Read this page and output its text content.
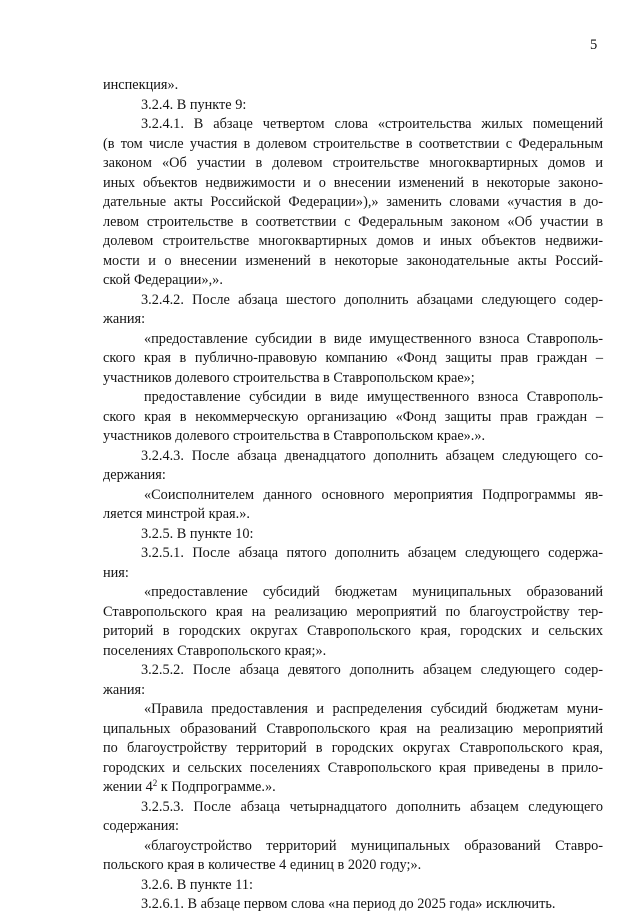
5
инспекция».
3.2.4. В пункте 9:
3.2.4.1. В абзаце четвертом слова «строительства жилых помещений
(в том числе участия в долевом строительстве в соответствии с Федеральным
законом «Об участии в долевом строительстве многоквартирных домов и
иных объектов недвижимости и о внесении изменений в некоторые законо-
дательные акты Российской Федерации»),» заменить словами «участия в до-
левом строительстве в соответствии с Федеральным законом «Об участии в
долевом строительстве многоквартирных домов и иных объектов недвижи-
мости и о внесении изменений в некоторые законодательные акты Россий-
ской Федерации»,».
3.2.4.2. После абзаца шестого дополнить абзацами следующего содер-
жания:
«предоставление субсидии в виде имущественного взноса Ставрополь-
ского края в публично-правовую компанию «Фонд защиты прав граждан –
участников долевого строительства в Ставропольском крае»;
предоставление субсидии в виде имущественного взноса Ставрополь-
ского края в некоммерческую организацию «Фонд защиты прав граждан –
участников долевого строительства в Ставропольском крае».».
3.2.4.3. После абзаца двенадцатого дополнить абзацем следующего со-
держания:
«Соисполнителем данного основного мероприятия Подпрограммы яв-
ляется минстрой края.».
3.2.5. В пункте 10:
3.2.5.1. После абзаца пятого дополнить абзацем следующего содержа-
ния:
«предоставление субсидий бюджетам муниципальных образований
Ставропольского края на реализацию мероприятий по благоустройству тер-
риторий в городских округах Ставропольского края, городских и сельских
поселениях Ставропольского края;».
3.2.5.2. После абзаца девятого дополнить абзацем следующего содер-
жания:
«Правила предоставления и распределения субсидий бюджетам муни-
ципальных образований Ставропольского края на реализацию мероприятий
по благоустройству территорий в городских округах Ставропольского края,
городских и сельских поселениях Ставропольского края приведены в прило-
жении $4^2$ к Подпрограмме.».
3.2.5.3. После абзаца четырнадцатого дополнить абзацем следующего
содержания:
«благоустройство территорий муниципальных образований Ставро-
польского края в количестве 4 единиц в 2020 году;».
3.2.6. В пункте 11:
3.2.6.1. В абзаце первом слова «на период до 2025 года» исключить.
